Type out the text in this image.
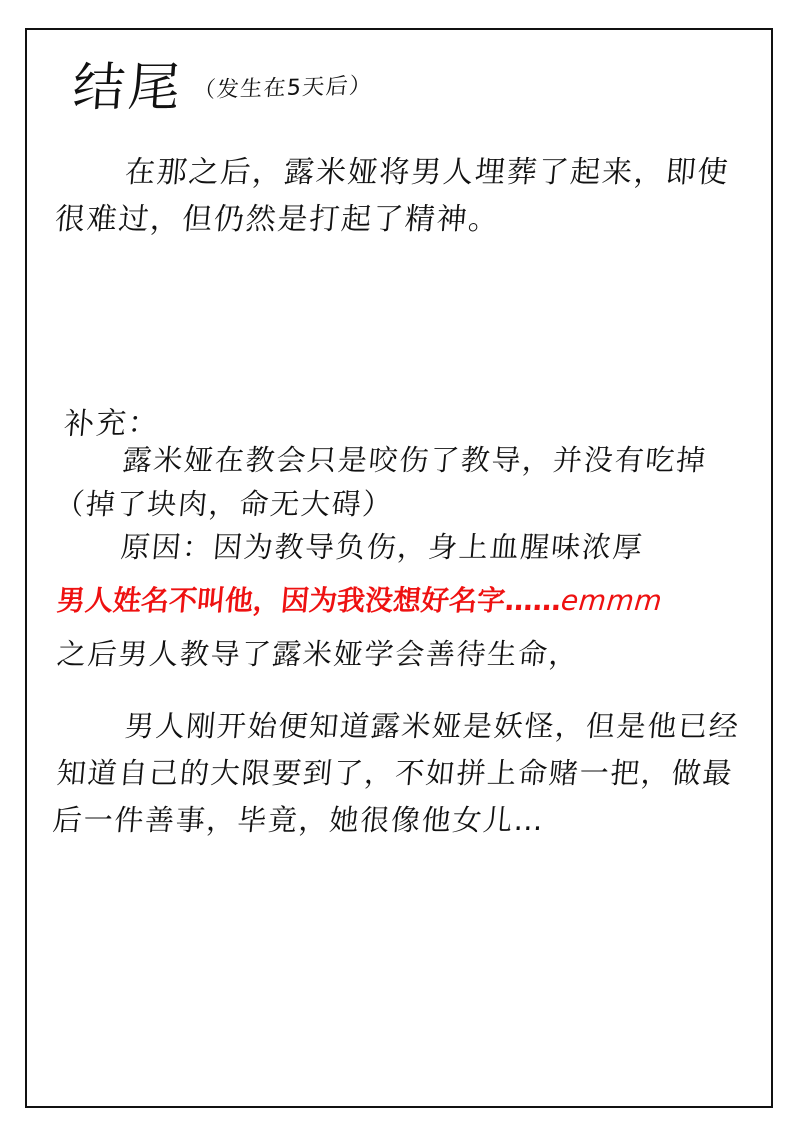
结尾 （发生在5天后）

在那之后，露米娅将男人埋葬了起来，即使很难过，但仍然是打起了精神。

补充：

露米娅在教会只是咬伤了教导，并没有吃掉（掉了块肉，命无大碍）

原因：因为教导负伤，身上血腥味浓厚

男人姓名不叫他，因为我没想好名字……emmm

之后男人教导了露米娅学会善待生命，

男人刚开始便知道露米娅是妖怪，但是他已经知道自己的大限要到了，不如拼上命赌一把，做最后一件善事，毕竟，她很像他女儿…
